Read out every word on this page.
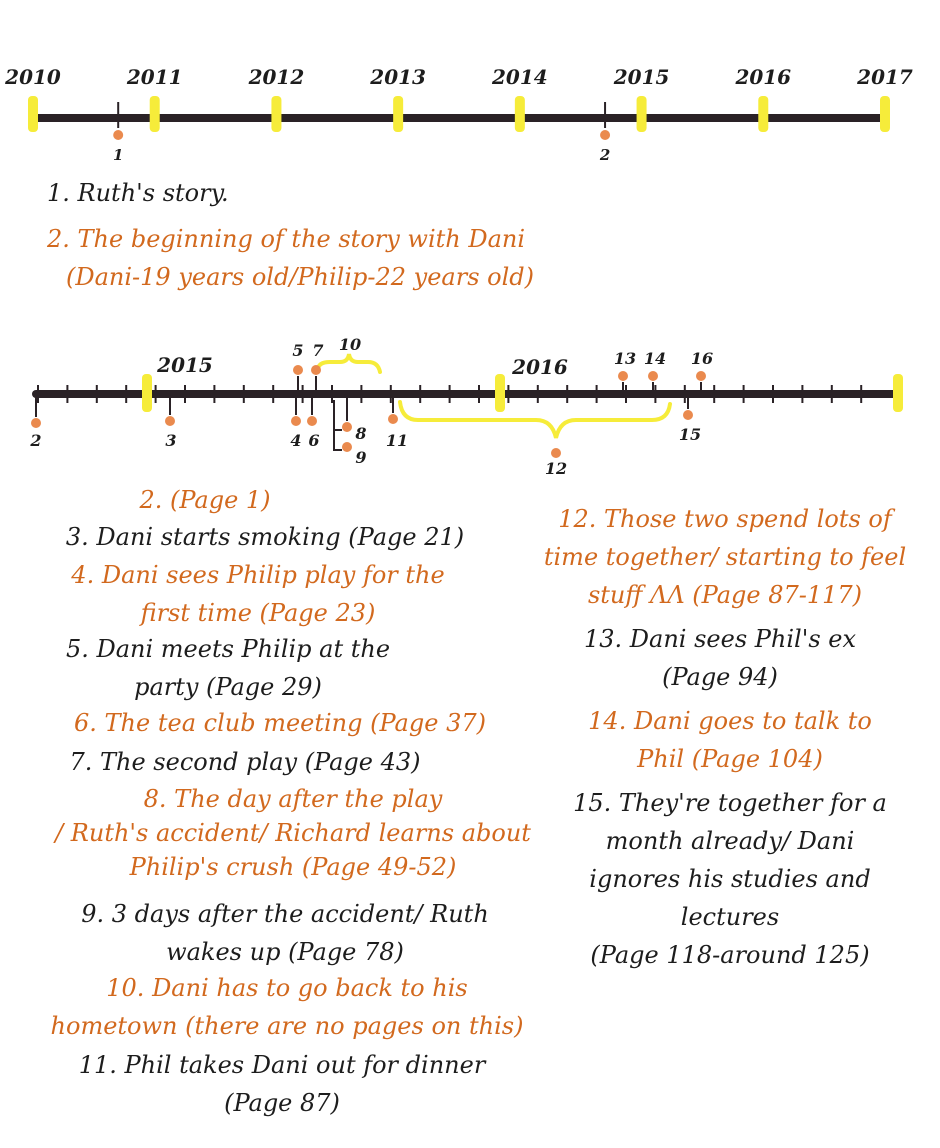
2010	2011	2012	2013	2014	2015	2016	2017
1	2

1. Ruth's story.

2. The beginning of the story with Dani

(Dani-19 years old/Philip-22 years old)

2015	2016
2	3	4
5
6
7
8
9
10
11
12
13 14
15
16
2. (Page 1)
3. Dani starts smoking (Page 21)
4. Dani sees Philip play for the
first time (Page 23)
5. Dani meets Philip at the
party (Page 29)
6. The tea club meeting (Page 37)
7. The second play (Page 43)
8. The day after the play
/ Ruth's accident/ Richard learns about
Philip's crush (Page 49-52)
9. 3 days after the accident/ Ruth
wakes up (Page 78)
10. Dani has to go back to his
hometown (there are no pages on this)
11. Phil takes Dani out for dinner
(Page 87)
12. Those two spend lots of
time together/ starting to feel
stuff ΛΛ (Page 87-117)
13. Dani sees Phil's ex
(Page 94)
14. Dani goes to talk to
Phil (Page 104)
15. They're together for a
month already/ Dani
ignores his studies and
lectures
(Page 118-around 125)
